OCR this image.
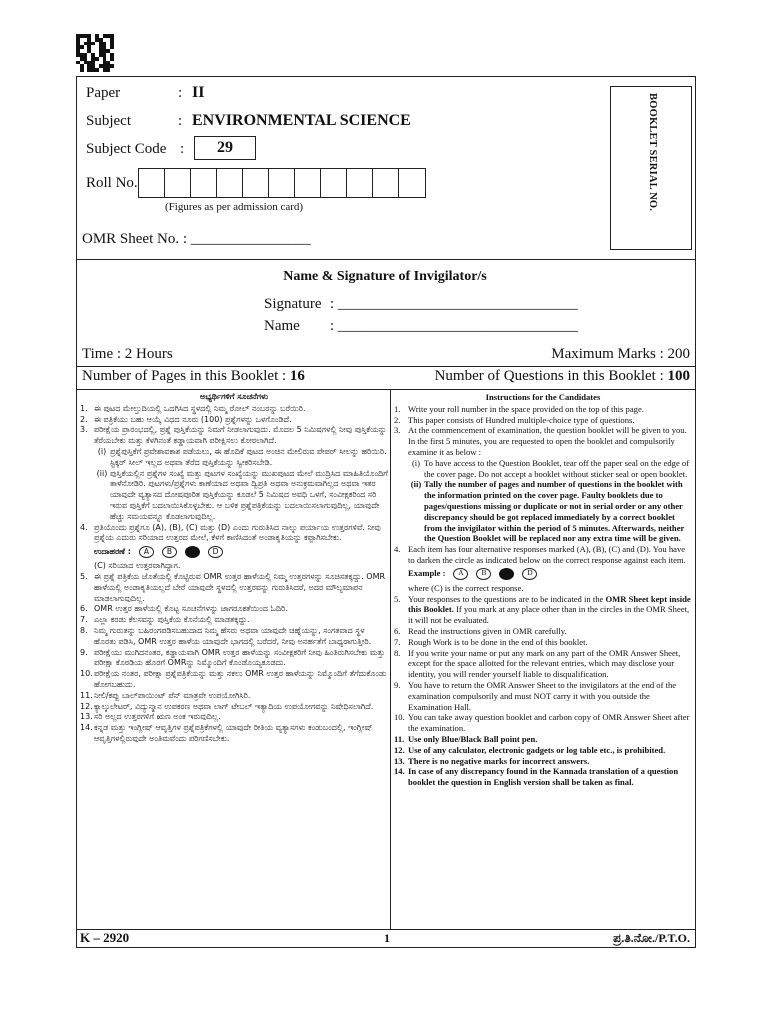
Paper	: II
Subject	: ENVIRONMENTAL SCIENCE
Subject Code :	29
Roll No.
(Figures as per admission card)
OMR Sheet No. : ________________
BOOKLET SERIAL NO.
Name & Signature of Invigilator/s
Signature : ________________________________
Name : ________________________________
Time : 2 Hours	Maximum Marks : 200
Number of Pages in this Booklet : 16	Number of Questions in this Booklet : 100
ಅಭ್ಯರ್ಥಿಗಳಿಗೆ ಸೂಚನೆಗಳು
1. ಈ ಪುಟದ ಮೇಲ್ತುದಿಯಲ್ಲಿ ಒದಗಿಸಿದ ಸ್ಥಳದಲ್ಲಿ ನಿಮ್ಮ ರೋಲ್ ನಂಬರನ್ನು ಬರೆಯಿರಿ.
2. ಈ ಪತ್ರಿಕೆಯು ಬಹು ಆಯ್ಕೆ ವಿಧದ ನೂರು (100) ಪ್ರಶ್ನೆಗಳನ್ನು ಒಳಗೊಂಡಿದೆ.
3. ಪರೀಕ್ಷೆಯ ಪ್ರಾರಂಭದಲ್ಲಿ, ಪ್ರಶ್ನೆ ಪುಸ್ತಿಕೆಯನ್ನು ನಿಮಗೆ ನೀಡಲಾಗುವುದು. ಮೊದಲ 5 ನಿಮಿಷಗಳಲ್ಲಿ ನೀವು ಪುಸ್ತಿಕೆಯನ್ನು ತೆರೆಯಬೇಕು ಮತ್ತು ಕೆಳಗಿನಂತೆ ಕಡ್ಡಾಯವಾಗಿ ಪರೀಕ್ಷಿಸಲು ಕೋರಲಾಗಿದೆ.
(i) ಪ್ರಶ್ನೆಪುಸ್ತಿಕೆಗೆ ಪ್ರವೇಶಾವಕಾಶ ಪಡೆಯಲು, ಈ ಹೊದಿಕೆ ಪುಟದ ಅಂಚಿನ ಮೇಲಿರುವ ಪೇಪರ್ ಸೀಲನ್ನು ಹರಿಯಿರಿ. ಸ್ಟಿಕ್ಕರ್ ಸೀಲ್ ಇಲ್ಲದ ಅಥವಾ ತೆರೆದ ಪುಸ್ತಿಕೆಯನ್ನು ಸ್ವೀಕರಿಸಬೇಡಿ.
(ii) ಪುಸ್ತಿಕೆಯಲ್ಲಿನ ಪ್ರಶ್ನೆಗಳ ಸಂಖ್ಯೆ ಮತ್ತು ಪುಟಗಳ ಸಂಖ್ಯೆಯನ್ನು ಮುಖಪುಟದ ಮೇಲೆ ಮುದ್ರಿಸಿದ ಮಾಹಿತಿಯೊಂದಿಗೆ ತಾಳೆನೋಡಿರಿ. ಪುಟಗಳು/ಪ್ರಶ್ನೆಗಳು ಕಾಣೆಯಾದ ಅಥವಾ ದ್ವಿಪ್ರತಿ ಅಥವಾ ಅನುಕ್ರಮವಾಗಿಲ್ಲದ ಅಥವಾ ಇತರ ಯಾವುದೇ ವ್ಯತ್ಯಾಸದ ದೋಷಪೂರಿತ ಪುಸ್ತಿಕೆಯನ್ನು ಕೂಡಲೆ 5 ನಿಮಿಷದ ಅವಧಿ ಒಳಗೆ, ಸಂವೀಕ್ಷಕರಿಂದ ಸರಿ ಇರುವ ಪುಸ್ತಿಕೆಗೆ ಬದಲಾಯಿಸಿಕೊಳ್ಳಬೇಕು. ಆ ಬಳಿಕ ಪ್ರಶ್ನೆಪತ್ರಿಕೆಯನ್ನು ಬದಲಾಯಿಸಲಾಗುವುದಿಲ್ಲ, ಯಾವುದೇ ಹೆಚ್ಚು ಸಮಯವನ್ನೂ ಕೊಡಲಾಗುವುದಿಲ್ಲ.
4. ಪ್ರತಿಯೊಂದು ಪ್ರಶ್ನೆಗೂ (A), (B), (C) ಮತ್ತು (D) ಎಂದು ಗುರುತಿಸಿದ ನಾಲ್ಕು ಪರ್ಯಾಯ ಉತ್ತರಗಳಿವೆ. ನೀವು ಪ್ರಶ್ನೆಯ ಎದುರು ಸರಿಯಾದ ಉತ್ತರದ ಮೇಲೆ, ಕೆಳಗೆ ಕಾಣಿಸಿದಂತೆ ಅಂಡಾಕೃತಿಯನ್ನು ಕಪ್ಪಾಗಿಸಬೇಕು.
ಉದಾಹರಣೆ :	A	B	D
(C) ಸರಿಯಾದ ಉತ್ತರವಾಗಿದ್ದಾಗ.
5. ಈ ಪ್ರಶ್ನೆ ಪತ್ರಿಕೆಯ ಜೊತೆಯಲ್ಲಿ ಕೊಟ್ಟಿರುವ OMR ಉತ್ತರ ಹಾಳೆಯಲ್ಲಿ ನಿಮ್ಮ ಉತ್ತರಗಳನ್ನು ಸೂಚಿಸತಕ್ಕದ್ದು. OMR ಹಾಳೆಯಲ್ಲಿ ಅಂಡಾಕೃತಿಯಲ್ಲದೆ ಬೇರೆ ಯಾವುದೇ ಸ್ಥಳದಲ್ಲಿ ಉತ್ತರವನ್ನು ಗುರುತಿಸಿದರೆ, ಅದರ ಮೌಲ್ಯಮಾಪನ ಮಾಡಲಾಗುವುದಿಲ್ಲ.
6. OMR ಉತ್ತರ ಹಾಳೆಯಲ್ಲಿ ಕೊಟ್ಟ ಸೂಚನೆಗಳನ್ನು ಜಾಗರೂಕತೆಯಿಂದ ಓದಿರಿ.
7. ಎಲ್ಲಾ ಕರಡು ಕೆಲಸವನ್ನು ಪುಸ್ತಿಕೆಯ ಕೊನೆಯಲ್ಲಿ ಮಾಡತಕ್ಕದ್ದು.
8. ನಿಮ್ಮ ಗುರುತನ್ನು ಬಹಿರಂಗಪಡಿಸಬಹುದಾದ ನಿಮ್ಮ ಹೆಸರು ಅಥವಾ ಯಾವುದೇ ಚಿಹ್ನೆಯನ್ನು, ಸಂಗತವಾದ ಸ್ಥಳ ಹೊರತು ಪಡಿಸಿ, OMR ಉತ್ತರ ಹಾಳೆಯ ಯಾವುದೇ ಭಾಗದಲ್ಲಿ ಬರೆದರೆ, ನೀವು ಅನರ್ಹತೆಗೆ ಬಾಧ್ಯರಾಗುತ್ತೀರಿ.
9. ಪರೀಕ್ಷೆಯು ಮುಗಿದನಂತರ, ಕಡ್ಡಾಯವಾಗಿ OMR ಉತ್ತರ ಹಾಳೆಯನ್ನು ಸಂವೀಕ್ಷಕರಿಗೆ ನೀವು ಹಿಂತಿರುಗಿಸಬೇಕು ಮತ್ತು ಪರೀಕ್ಷಾ ಕೊಠಡಿಯ ಹೊರಗೆ OMRನ್ನು ನಿಮ್ಮೊಂದಿಗೆ ಕೊಂಡೊಯ್ಯಕೂಡದು.
10. ಪರೀಕ್ಷೆಯ ನಂತರ, ಪರೀಕ್ಷಾ ಪ್ರಶ್ನೆಪತ್ರಿಕೆಯನ್ನು ಮತ್ತು ನಕಲು OMR ಉತ್ತರ ಹಾಳೆಯನ್ನು ನಿಮ್ಮೊಂದಿಗೆ ತೆಗೆದುಕೊಂಡು ಹೋಗಬಹುದು.
11. ನೀಲಿ/ಕಪ್ಪು ಬಾಲ್‌ಪಾಯಿಂಟ್ ಪೆನ್ ಮಾತ್ರವೇ ಉಪಯೋಗಿಸಿರಿ.
12. ಕ್ಯಾಲ್ಕುಲೇಟರ್, ವಿದ್ಯುನ್ಮಾನ ಉಪಕರಣ ಅಥವಾ ಲಾಗ್ ಟೇಬಲ್ ಇತ್ಯಾದಿಯ ಉಪಯೋಗವನ್ನು ನಿಷೇಧಿಸಲಾಗಿದೆ.
13. ಸರಿ ಅಲ್ಲದ ಉತ್ತರಗಳಿಗೆ ಋಣ ಅಂಕ ಇರುವುದಿಲ್ಲ.
14. ಕನ್ನಡ ಮತ್ತು ಇಂಗ್ಲೀಷ್ ಆವೃತ್ತಿಗಳ ಪ್ರಶ್ನೆಪತ್ರಿಕೆಗಳಲ್ಲಿ ಯಾವುದೇ ರೀತಿಯ ವ್ಯತ್ಯಾಸಗಳು ಕಂಡುಬಂದಲ್ಲಿ, ಇಂಗ್ಲೀಷ್ ಆವೃತ್ತಿಗಳಲ್ಲಿರುವುದೇ ಅಂತಿಮವೆಂದು ಪರಿಗಣಿಸಬೇಕು.
Instructions for the Candidates
1. Write your roll number in the space provided on the top of this page.
2. This paper consists of Hundred multiple-choice type of questions.
3. At the commencement of examination, the question booklet will be given to you. In the first 5 minutes, you are requested to open the booklet and compulsorily examine it as below :
(i) To have access to the Question Booklet, tear off the paper seal on the edge of the cover page. Do not accept a booklet without sticker seal or open booklet.
(ii) Tally the number of pages and number of questions in the booklet with the information printed on the cover page. Faulty booklets due to pages/questions missing or duplicate or not in serial order or any other discrepancy should be got replaced immediately by a correct booklet from the invigilator within the period of 5 minutes. Afterwards, neither the Question Booklet will be replaced nor any extra time will be given.
4. Each item has four alternative responses marked (A), (B), (C) and (D). You have to darken the circle as indicated below on the correct response against each item.
Example :	A	B	D
where (C) is the correct response.
5. Your responses to the questions are to be indicated in the OMR Sheet kept inside this Booklet. If you mark at any place other than in the circles in the OMR Sheet, it will not be evaluated.
6. Read the instructions given in OMR carefully.
7. Rough Work is to be done in the end of this booklet.
8. If you write your name or put any mark on any part of the OMR Answer Sheet, except for the space allotted for the relevant entries, which may disclose your identity, you will render yourself liable to disqualification.
9. You have to return the OMR Answer Sheet to the invigilators at the end of the examination compulsorily and must NOT carry it with you outside the Examination Hall.
10. You can take away question booklet and carbon copy of OMR Answer Sheet after the examination.
11. Use only Blue/Black Ball point pen.
12. Use of any calculator, electronic gadgets or log table etc., is prohibited.
13. There is no negative marks for incorrect answers.
14. In case of any discrepancy found in the Kannada translation of a question booklet the question in English version shall be taken as final.
K – 2920	1	ಪ್ರ.ತಿ.ನೋ./P.T.O.
